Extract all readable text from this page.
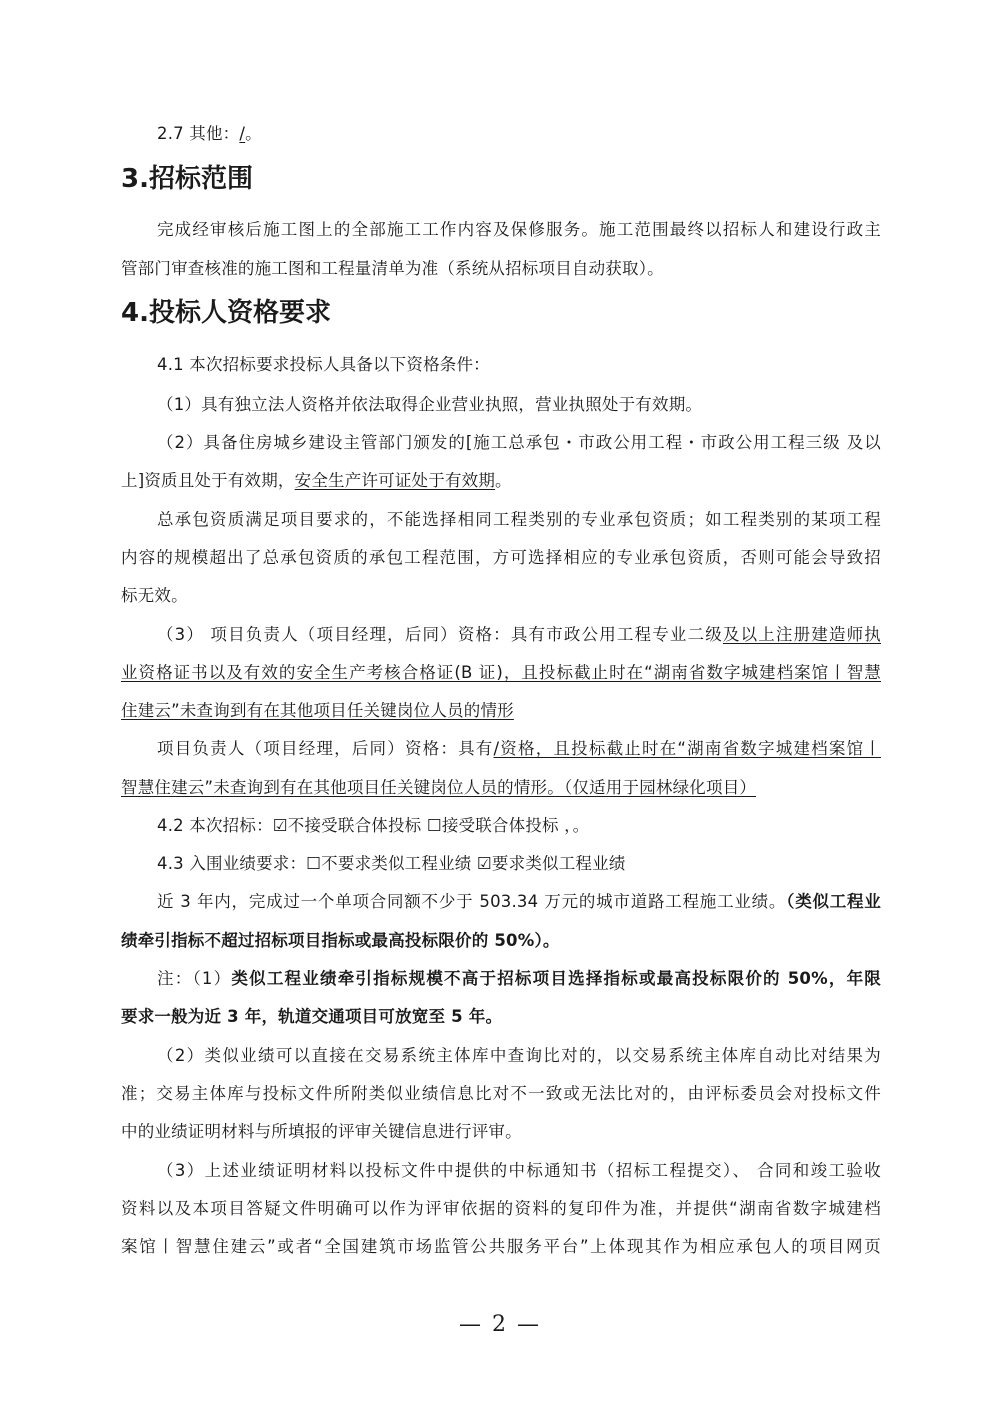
2.7 其他：/。
3.招标范围
完成经审核后施工图上的全部施工工作内容及保修服务。施工范围最终以招标人和建设行政主
管部门审查核准的施工图和工程量清单为准（系统从招标项目自动获取）。
4.投标人资格要求
4.1 本次招标要求投标人具备以下资格条件：
（1）具有独立法人资格并依法取得企业营业执照，营业执照处于有效期。
（2）具备住房城乡建设主管部门颁发的[施工总承包・市政公用工程・市政公用工程三级 及以
上]资质且处于有效期，安全生产许可证处于有效期。
总承包资质满足项目要求的，不能选择相同工程类别的专业承包资质；如工程类别的某项工程
内容的规模超出了总承包资质的承包工程范围，方可选择相应的专业承包资质，否则可能会导致招
标无效。
（3） 项目负责人（项目经理，后同）资格：具有市政公用工程专业二级及以上注册建造师执
业资格证书以及有效的安全生产考核合格证(B 证)，且投标截止时在“湖南省数字城建档案馆丨智慧
住建云”未查询到有在其他项目任关键岗位人员的情形
项目负责人（项目经理，后同）资格：具有/资格，且投标截止时在“湖南省数字城建档案馆丨
智慧住建云”未查询到有在其他项目任关键岗位人员的情形。（仅适用于园林绿化项目）
4.2 本次招标：☑不接受联合体投标 ☐接受联合体投标 ，。
4.3 入围业绩要求：☐不要求类似工程业绩 ☑要求类似工程业绩
近 3 年内，完成过一个单项合同额不少于 503.34 万元的城市道路工程施工业绩。（类似工程业
绩牵引指标不超过招标项目指标或最高投标限价的 50%）。
注：（1）类似工程业绩牵引指标规模不高于招标项目选择指标或最高投标限价的 50%，年限
要求一般为近 3 年，轨道交通项目可放宽至 5 年。
（2）类似业绩可以直接在交易系统主体库中查询比对的，以交易系统主体库自动比对结果为
准；交易主体库与投标文件所附类似业绩信息比对不一致或无法比对的，由评标委员会对投标文件
中的业绩证明材料与所填报的评审关键信息进行评审。
（3）上述业绩证明材料以投标文件中提供的中标通知书（招标工程提交）、 合同和竣工验收
资料以及本项目答疑文件明确可以作为评审依据的资料的复印件为准，并提供“湖南省数字城建档
案馆丨智慧住建云”或者“全国建筑市场监管公共服务平台”上体现其作为相应承包人的项目网页
— 2 —
